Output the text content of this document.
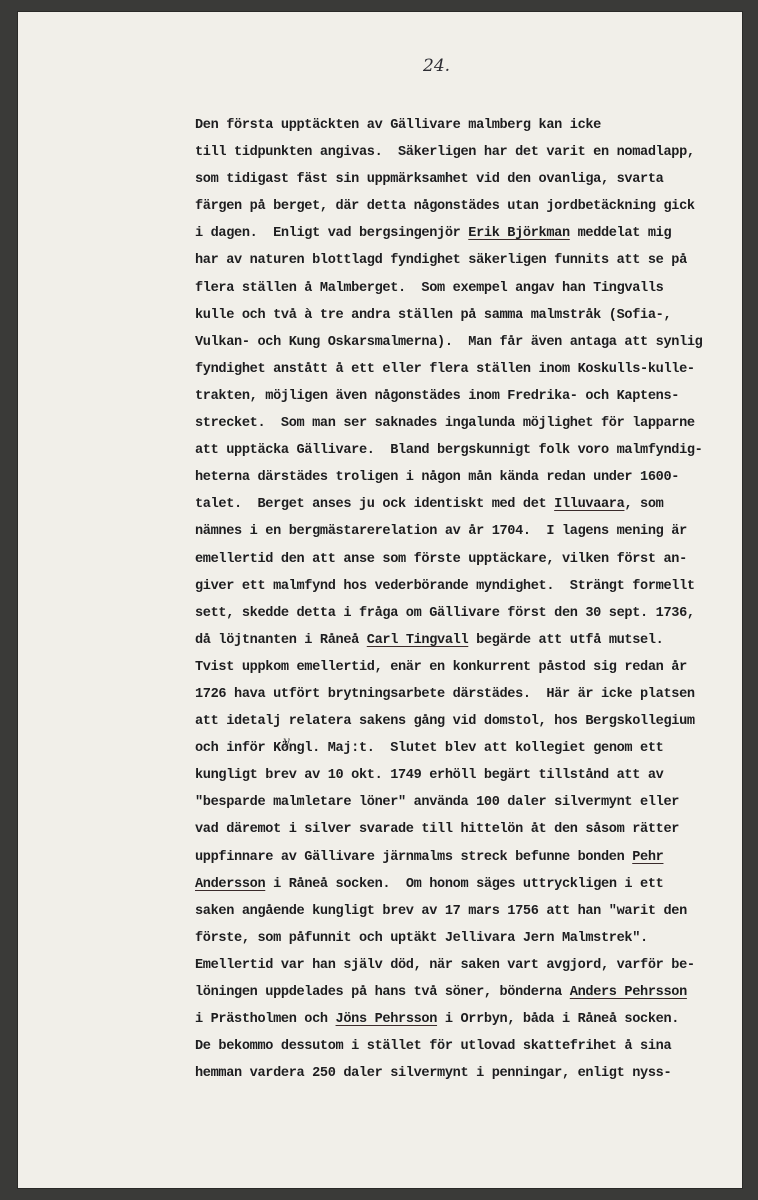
24.
Den första upptäckten av Gällivare malmberg kan icke
till tidpunkten angivas.  Säkerligen har det varit en nomadlapp,
som tidigast fäst sin uppmärksamhet vid den ovanliga, svarta
färgen på berget, där detta någonstädes utan jordbetäckning gick
i dagen.  Enligt vad bergsingenjör Erik Björkman meddelat mig
har av naturen blottlagd fyndighet säkerligen funnits att se på
flera ställen å Malmberget.  Som exempel angav han Tingvalls
kulle och två à tre andra ställen på samma malmstråk (Sofia-,
Vulkan- och Kung Oskarsmalmerna).  Man får även antaga att synlig
fyndighet anstått å ett eller flera ställen inom Koskulls-kulle-
trakten, möjligen även någonstädes inom Fredrika- och Kaptens-
strecket.  Som man ser saknades ingalunda möjlighet för lapparne
att upptäcka Gällivare.  Bland bergskunnigt folk voro malmfyndig-
heterna därstädes troligen i någon mån kända redan under 1600-
talet.  Berget anses ju ock identiskt med det Illuvaara, som
nämnes i en bergmästarerelation av år 1704.  I lagens mening är
emellertid den att anse som förste upptäckare, vilken först an-
giver ett malmfynd hos vederbörande myndighet.  Strängt formellt
sett, skedde detta i fråga om Gällivare först den 30 sept. 1736,
då löjtnanten i Råneå Carl Tingvall begärde att utfå mutsel.
Tvist uppkom emellertid, enär en konkurrent påstod sig redan år
1726 hava utfört brytningsarbete därstädes.  Här är icke platsen
att idetalj relatera sakens gång vid domstol, hos Bergskollegium
och inför Kö yngl. Maj:t.  Slutet blev att kollegiet genom ett
kungligt brev av 10 okt. 1749 erhöll begärt tillstånd att av
"besparde malmletare löner" använda 100 daler silvermynt eller
vad däremot i silver svarade till hittelön åt den såsom rätter
uppfinnare av Gällivare järnmalms streck befunne bonden Pehr
Andersson i Råneå socken.  Om honom säges uttryckligen i ett
saken angående kungligt brev av 17 mars 1756 att han "warit den
förste, som påfunnit och uptäkt Jellivara Jern Malmstrek".
Emellertid var han själv död, när saken vart avgjord, varför be-
löningen uppdelades på hans två söner, bönderna Anders Pehrsson
i Prästholmen och Jöns Pehrsson i Orrbyn, båda i Råneå socken.
De bekommo dessutom i stället för utlovad skattefrihet å sina
hemman vardera 250 daler silvermynt i penningar, enligt nyss-
